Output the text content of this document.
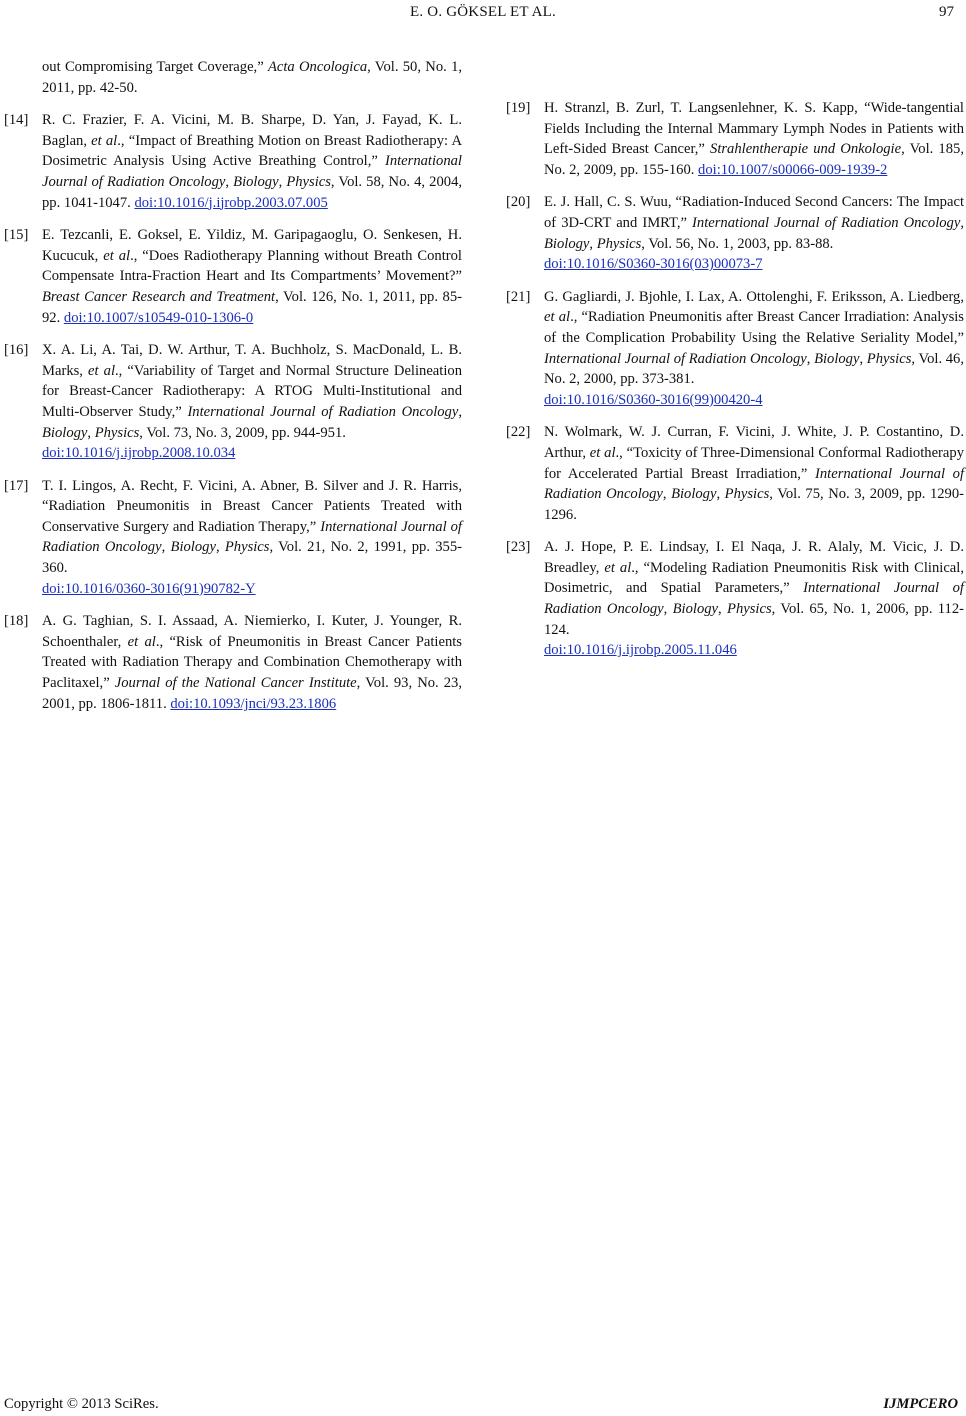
E. O. GÖKSEL ET AL.	97
out Compromising Target Coverage,” Acta Oncologica, Vol. 50, No. 1, 2011, pp. 42-50.
[14] R. C. Frazier, F. A. Vicini, M. B. Sharpe, D. Yan, J. Fayad, K. L. Baglan, et al., “Impact of Breathing Motion on Breast Radiotherapy: A Dosimetric Analysis Using Active Breathing Control,” International Journal of Radiation Oncology, Biology, Physics, Vol. 58, No. 4, 2004, pp. 1041-1047. doi:10.1016/j.ijrobp.2003.07.005
[15] E. Tezcanli, E. Goksel, E. Yildiz, M. Garipagaoglu, O. Senkesen, H. Kucucuk, et al., “Does Radiotherapy Planning without Breath Control Compensate Intra-Fraction Heart and Its Compartments’ Movement?” Breast Cancer Research and Treatment, Vol. 126, No. 1, 2011, pp. 85-92. doi:10.1007/s10549-010-1306-0
[16] X. A. Li, A. Tai, D. W. Arthur, T. A. Buchholz, S. MacDonald, L. B. Marks, et al., “Variability of Target and Normal Structure Delineation for Breast-Cancer Radiotherapy: A RTOG Multi-Institutional and Multi-Observer Study,” International Journal of Radiation Oncology, Biology, Physics, Vol. 73, No. 3, 2009, pp. 944-951.
doi:10.1016/j.ijrobp.2008.10.034
[17] T. I. Lingos, A. Recht, F. Vicini, A. Abner, B. Silver and J. R. Harris, “Radiation Pneumonitis in Breast Cancer Patients Treated with Conservative Surgery and Radiation Therapy,” International Journal of Radiation Oncology, Biology, Physics, Vol. 21, No. 2, 1991, pp. 355-360.
doi:10.1016/0360-3016(91)90782-Y
[18] A. G. Taghian, S. I. Assaad, A. Niemierko, I. Kuter, J. Younger, R. Schoenthaler, et al., “Risk of Pneumonitis in Breast Cancer Patients Treated with Radiation Therapy and Combination Chemotherapy with Paclitaxel,” Journal of the National Cancer Institute, Vol. 93, No. 23, 2001, pp. 1806-1811. doi:10.1093/jnci/93.23.1806
[19] H. Stranzl, B. Zurl, T. Langsenlehner, K. S. Kapp, “Wide-tangential Fields Including the Internal Mammary Lymph Nodes in Patients with Left-Sided Breast Cancer,” Strahlentherapie und Onkologie, Vol. 185, No. 2, 2009, pp. 155-160. doi:10.1007/s00066-009-1939-2
[20] E. J. Hall, C. S. Wuu, “Radiation-Induced Second Cancers: The Impact of 3D-CRT and IMRT,” International Journal of Radiation Oncology, Biology, Physics, Vol. 56, No. 1, 2003, pp. 83-88.
doi:10.1016/S0360-3016(03)00073-7
[21] G. Gagliardi, J. Bjohle, I. Lax, A. Ottolenghi, F. Eriksson, A. Liedberg, et al., “Radiation Pneumonitis after Breast Cancer Irradiation: Analysis of the Complication Probability Using the Relative Seriality Model,” International Journal of Radiation Oncology, Biology, Physics, Vol. 46, No. 2, 2000, pp. 373-381.
doi:10.1016/S0360-3016(99)00420-4
[22] N. Wolmark, W. J. Curran, F. Vicini, J. White, J. P. Costantino, D. Arthur, et al., “Toxicity of Three-Dimensional Conformal Radiotherapy for Accelerated Partial Breast Irradiation,” International Journal of Radiation Oncology, Biology, Physics, Vol. 75, No. 3, 2009, pp. 1290-1296.
[23] A. J. Hope, P. E. Lindsay, I. El Naqa, J. R. Alaly, M. Vicic, J. D. Breadley, et al., “Modeling Radiation Pneumonitis Risk with Clinical, Dosimetric, and Spatial Parameters,” International Journal of Radiation Oncology, Biology, Physics, Vol. 65, No. 1, 2006, pp. 112-124.
doi:10.1016/j.ijrobp.2005.11.046
Copyright © 2013 SciRes.	IJMPCERO
